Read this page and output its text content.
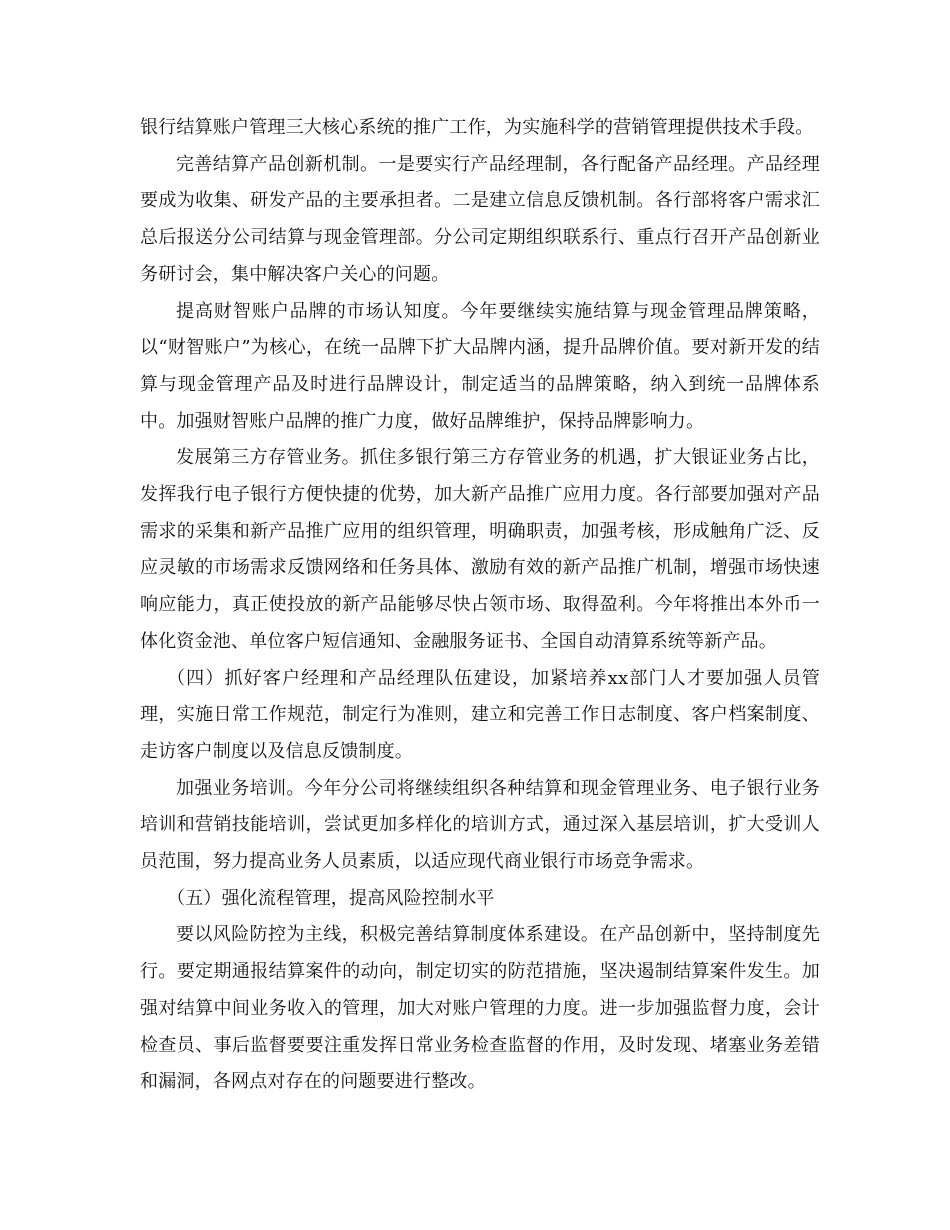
银行结算账户管理三大核心系统的推广工作，为实施科学的营销管理提供技术手段。

完善结算产品创新机制。一是要实行产品经理制，各行配备产品经理。产品经理要成为收集、研发产品的主要承担者。二是建立信息反馈机制。各行部将客户需求汇总后报送分公司结算与现金管理部。分公司定期组织联系行、重点行召开产品创新业务研讨会，集中解决客户关心的问题。

提高财智账户品牌的市场认知度。今年要继续实施结算与现金管理品牌策略，以“财智账户”为核心，在统一品牌下扩大品牌内涵，提升品牌价值。要对新开发的结算与现金管理产品及时进行品牌设计，制定适当的品牌策略，纳入到统一品牌体系中。加强财智账户品牌的推广力度，做好品牌维护，保持品牌影响力。

发展第三方存管业务。抓住多银行第三方存管业务的机遇，扩大银证业务占比，发挥我行电子银行方便快捷的优势，加大新产品推广应用力度。各行部要加强对产品需求的采集和新产品推广应用的组织管理，明确职责，加强考核，形成触角广泛、反应灵敏的市场需求反馈网络和任务具体、激励有效的新产品推广机制，增强市场快速响应能力，真正使投放的新产品能够尽快占领市场、取得盈利。今年将推出本外币一体化资金池、单位客户短信通知、金融服务证书、全国自动清算系统等新产品。

（四）抓好客户经理和产品经理队伍建设，加紧培养xx部门人才要加强人员管理，实施日常工作规范，制定行为准则，建立和完善工作日志制度、客户档案制度、走访客户制度以及信息反馈制度。

加强业务培训。今年分公司将继续组织各种结算和现金管理业务、电子银行业务培训和营销技能培训，尝试更加多样化的培训方式，通过深入基层培训，扩大受训人员范围，努力提高业务人员素质，以适应现代商业银行市场竞争需求。

（五）强化流程管理，提高风险控制水平

要以风险防控为主线，积极完善结算制度体系建设。在产品创新中，坚持制度先行。要定期通报结算案件的动向，制定切实的防范措施，坚决遏制结算案件发生。加强对结算中间业务收入的管理，加大对账户管理的力度。进一步加强监督力度，会计检查员、事后监督要要注重发挥日常业务检查监督的作用，及时发现、堵塞业务差错和漏洞，各网点对存在的问题要进行整改。
